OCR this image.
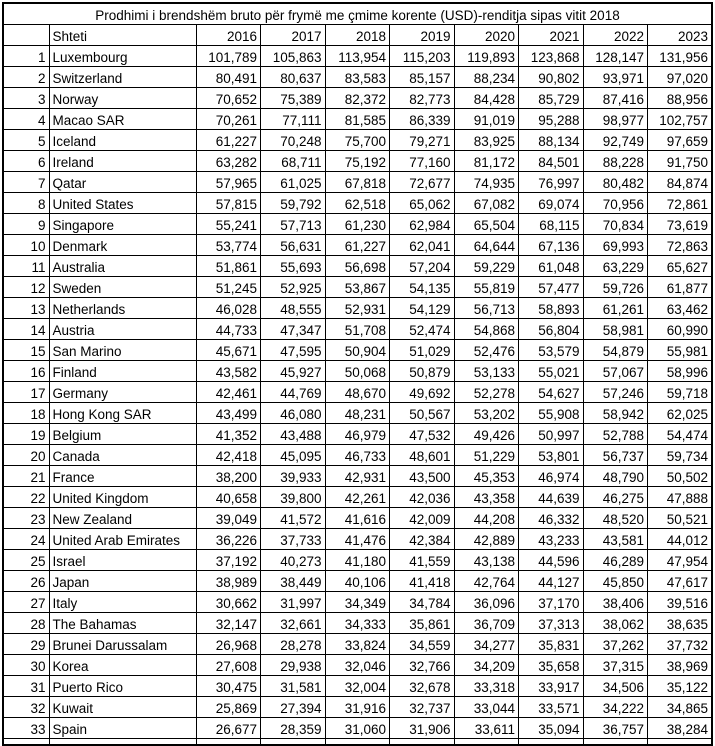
Prodhimi i brendshëm bruto për frymë me çmime korente (USD)-renditja sipas vitit 2018									
	Shteti	2016	2017	2018	2019	2020	2021	2022	2023
1	Luxembourg	101,789	105,863	113,954	115,203	119,893	123,868	128,147	131,956
2	Switzerland	80,491	80,637	83,583	85,157	88,234	90,802	93,971	97,020
3	Norway	70,652	75,389	82,372	82,773	84,428	85,729	87,416	88,956
4	Macao SAR	70,261	77,111	81,585	86,339	91,019	95,288	98,977	102,757
5	Iceland	61,227	70,248	75,700	79,271	83,925	88,134	92,749	97,659
6	Ireland	63,282	68,711	75,192	77,160	81,172	84,501	88,228	91,750
7	Qatar	57,965	61,025	67,818	72,677	74,935	76,997	80,482	84,874
8	United States	57,815	59,792	62,518	65,062	67,082	69,074	70,956	72,861
9	Singapore	55,241	57,713	61,230	62,984	65,504	68,115	70,834	73,619
10	Denmark	53,774	56,631	61,227	62,041	64,644	67,136	69,993	72,863
11	Australia	51,861	55,693	56,698	57,204	59,229	61,048	63,229	65,627
12	Sweden	51,245	52,925	53,867	54,135	55,819	57,477	59,726	61,877
13	Netherlands	46,028	48,555	52,931	54,129	56,713	58,893	61,261	63,462
14	Austria	44,733	47,347	51,708	52,474	54,868	56,804	58,981	60,990
15	San Marino	45,671	47,595	50,904	51,029	52,476	53,579	54,879	55,981
16	Finland	43,582	45,927	50,068	50,879	53,133	55,021	57,067	58,996
17	Germany	42,461	44,769	48,670	49,692	52,278	54,627	57,246	59,718
18	Hong Kong SAR	43,499	46,080	48,231	50,567	53,202	55,908	58,942	62,025
19	Belgium	41,352	43,488	46,979	47,532	49,426	50,997	52,788	54,474
20	Canada	42,418	45,095	46,733	48,601	51,229	53,801	56,737	59,734
21	France	38,200	39,933	42,931	43,500	45,353	46,974	48,790	50,502
22	United Kingdom	40,658	39,800	42,261	42,036	43,358	44,639	46,275	47,888
23	New Zealand	39,049	41,572	41,616	42,009	44,208	46,332	48,520	50,521
24	United Arab Emirates	36,226	37,733	41,476	42,384	42,889	43,233	43,581	44,012
25	Israel	37,192	40,273	41,180	41,559	43,138	44,596	46,289	47,954
26	Japan	38,989	38,449	40,106	41,418	42,764	44,127	45,850	47,617
27	Italy	30,662	31,997	34,349	34,784	36,096	37,170	38,406	39,516
28	The Bahamas	32,147	32,661	34,333	35,861	36,709	37,313	38,062	38,635
29	Brunei Darussalam	26,968	28,278	33,824	34,559	34,277	35,831	37,262	37,732
30	Korea	27,608	29,938	32,046	32,766	34,209	35,658	37,315	38,969
31	Puerto Rico	30,475	31,581	32,004	32,678	33,318	33,917	34,506	35,122
32	Kuwait	25,869	27,394	31,916	32,737	33,044	33,571	34,222	34,865
33	Spain	26,677	28,359	31,060	31,906	33,611	35,094	36,757	38,284
